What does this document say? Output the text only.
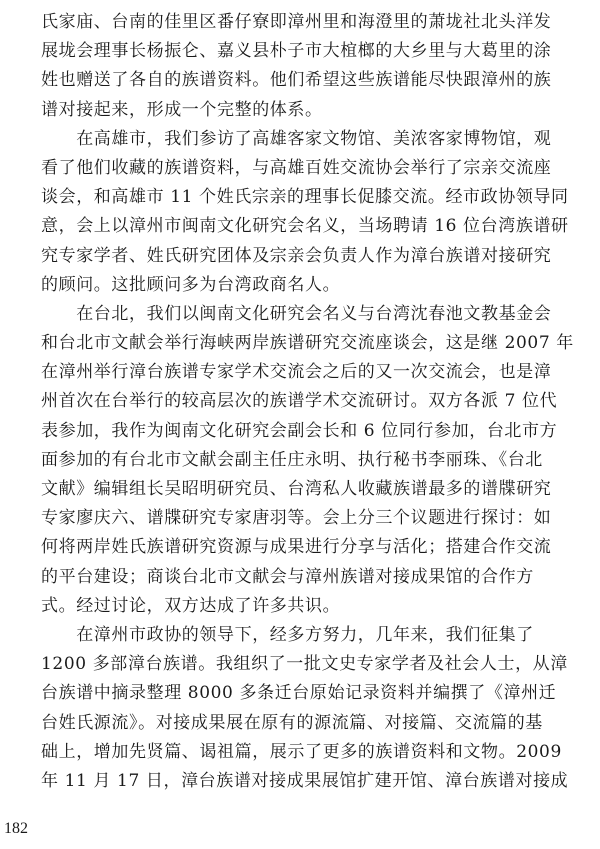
氏家庙、台南的佳里区番仔寮即漳州里和海澄里的萧垅社北头洋发
展垅会理事长杨振仑、嘉义县朴子市大椬榔的大乡里与大葛里的涂
姓也赠送了各自的族谱资料。他们希望这些族谱能尽快跟漳州的族
谱对接起来，形成一个完整的体系。
　　在高雄市，我们参访了高雄客家文物馆、美浓客家博物馆，观
看了他们收藏的族谱资料，与高雄百姓交流协会举行了宗亲交流座
谈会，和高雄市 11 个姓氏宗亲的理事长促膝交流。经市政协领导同
意，会上以漳州市闽南文化研究会名义，当场聘请 16 位台湾族谱研
究专家学者、姓氏研究团体及宗亲会负责人作为漳台族谱对接研究
的顾问。这批顾问多为台湾政商名人。
　　在台北，我们以闽南文化研究会名义与台湾沈春池文教基金会
和台北市文献会举行海峡两岸族谱研究交流座谈会，这是继 2007 年
在漳州举行漳台族谱专家学术交流会之后的又一次交流会，也是漳
州首次在台举行的较高层次的族谱学术交流研讨。双方各派 7 位代
表参加，我作为闽南文化研究会副会长和 6 位同行参加，台北市方
面参加的有台北市文献会副主任庄永明、执行秘书李丽珠、《台北
文献》编辑组长吴昭明研究员、台湾私人收藏族谱最多的谱牒研究
专家廖庆六、谱牒研究专家唐羽等。会上分三个议题进行探讨：如
何将两岸姓氏族谱研究资源与成果进行分享与活化；搭建合作交流
的平台建设；商谈台北市文献会与漳州族谱对接成果馆的合作方
式。经过讨论，双方达成了许多共识。
　　在漳州市政协的领导下，经多方努力，几年来，我们征集了
1200 多部漳台族谱。我组织了一批文史专家学者及社会人士，从漳
台族谱中摘录整理 8000 多条迁台原始记录资料并编撰了《漳州迁
台姓氏源流》。对接成果展在原有的源流篇、对接篇、交流篇的基
础上，增加先贤篇、谒祖篇，展示了更多的族谱资料和文物。2009
年 11 月 17 日，漳台族谱对接成果展馆扩建开馆、漳台族谱对接成
182
